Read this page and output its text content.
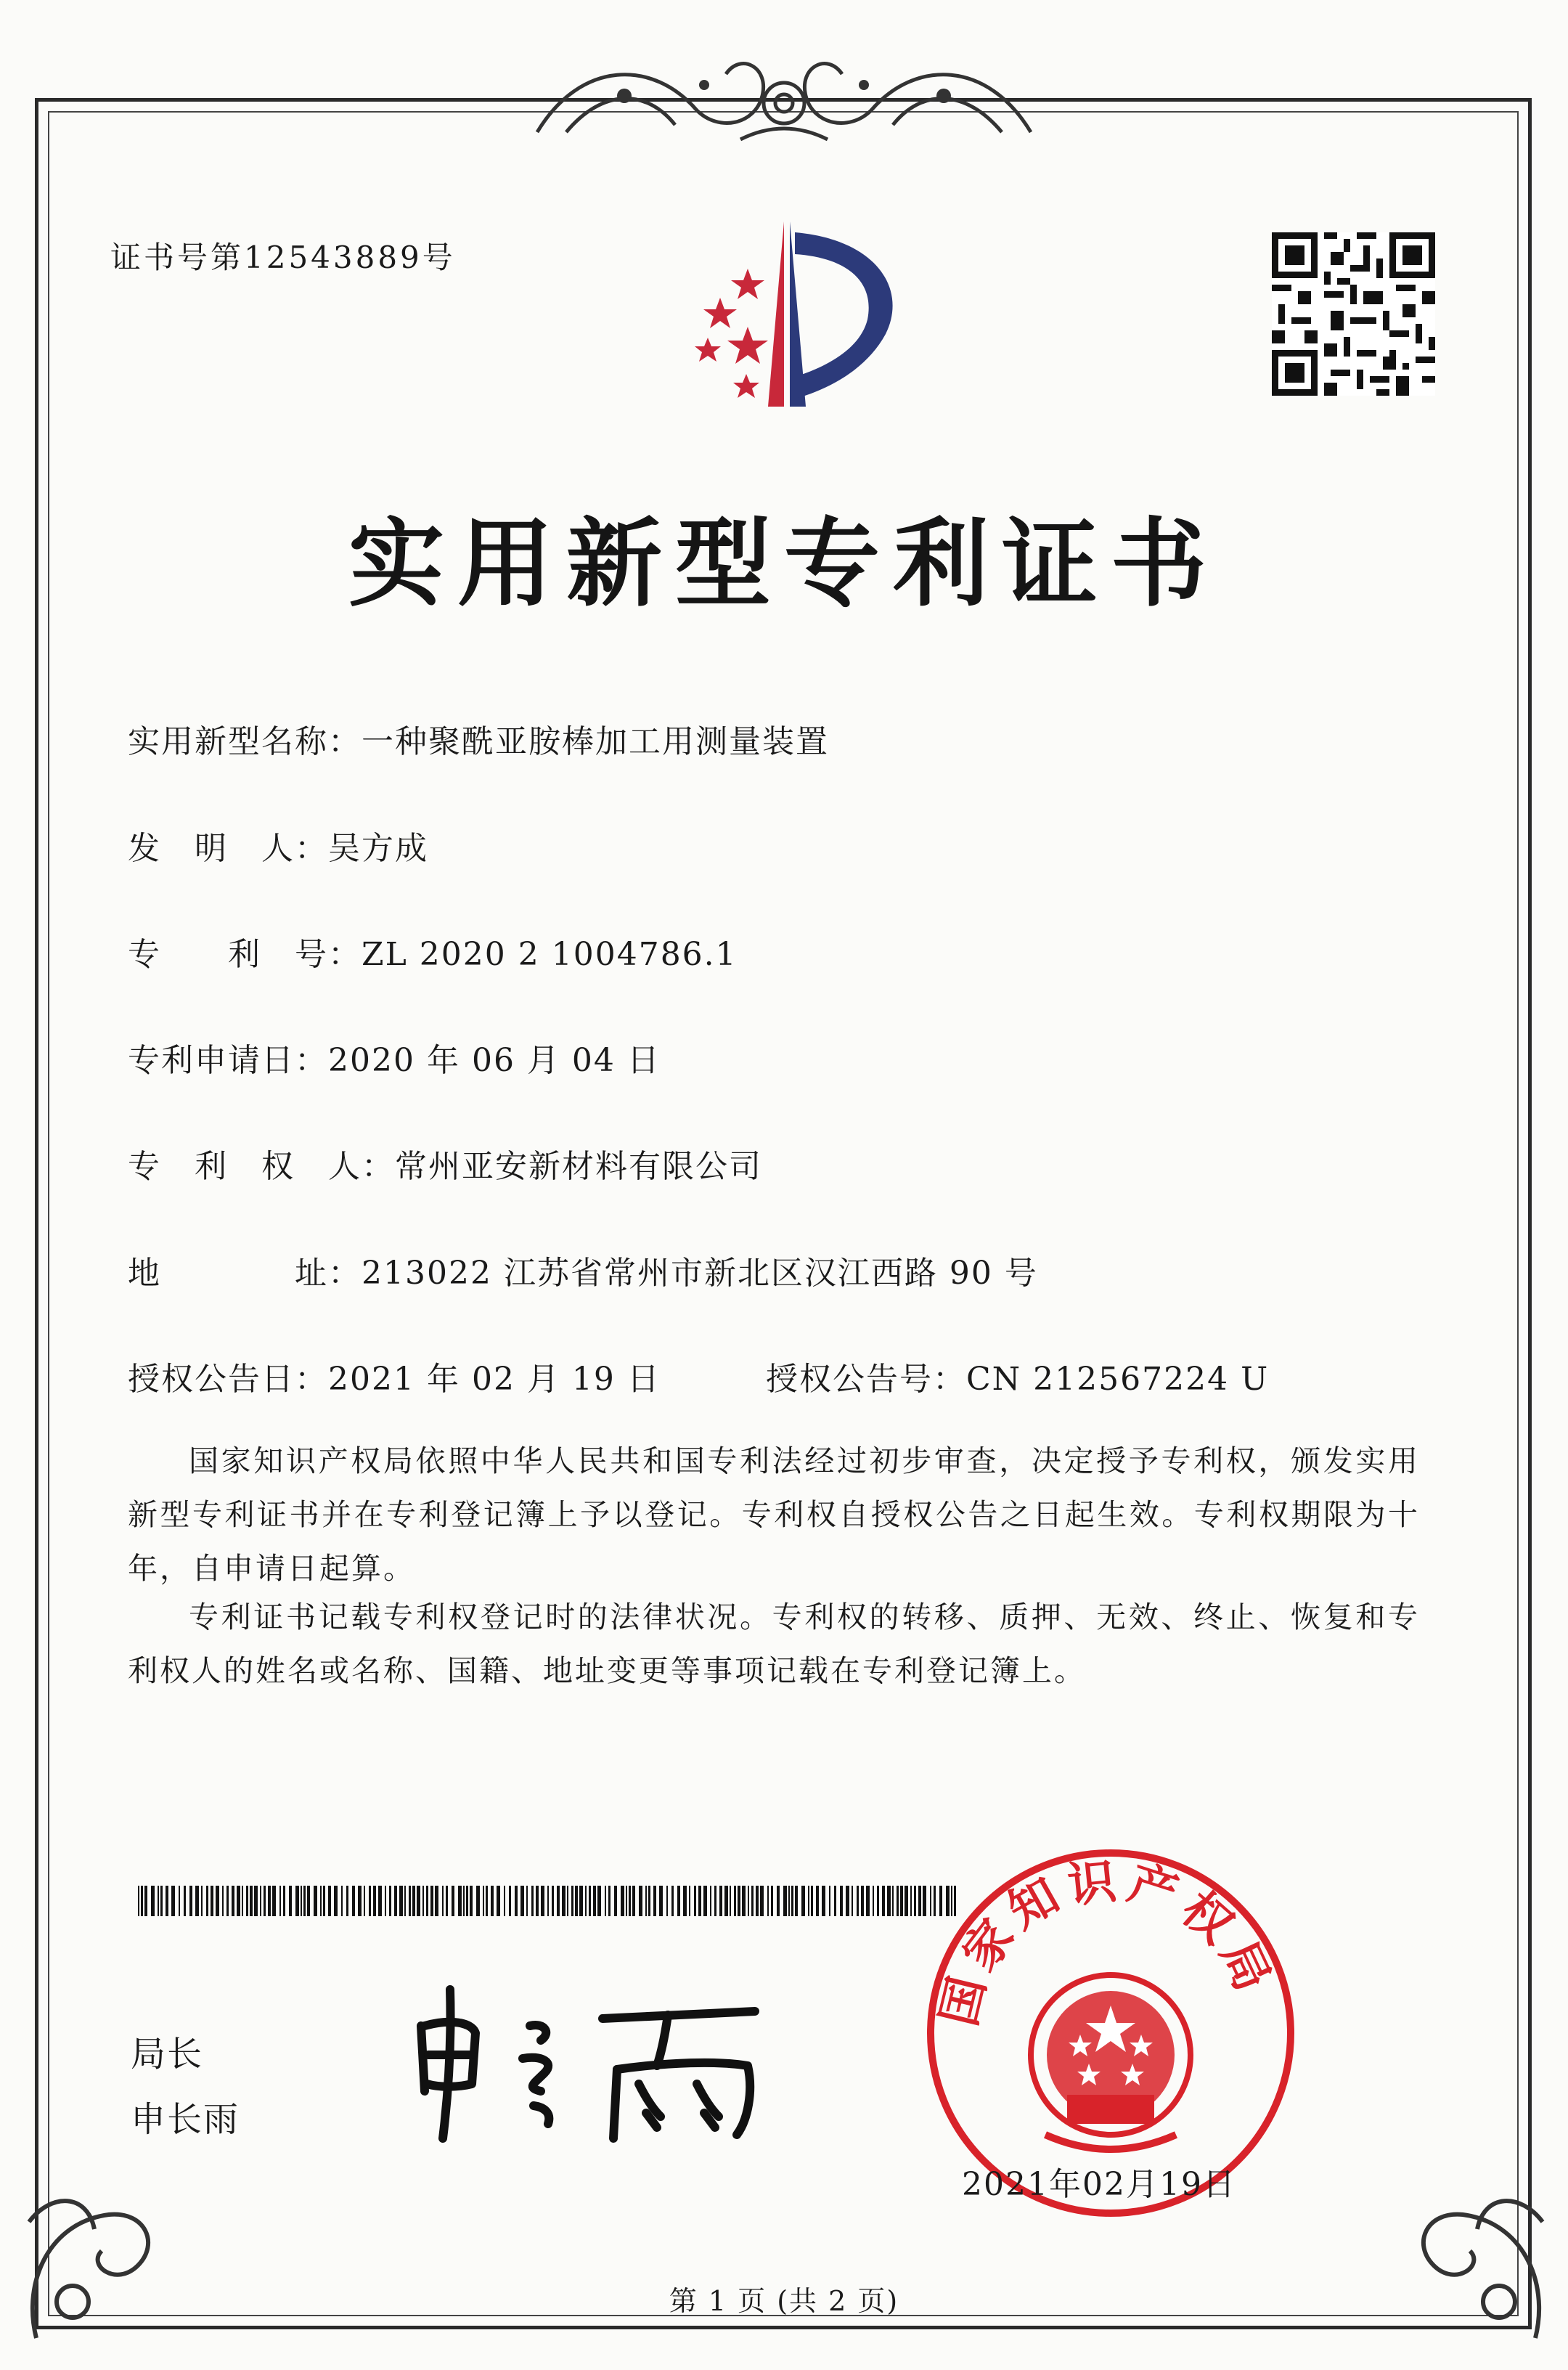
证书号第12543889号
实用新型专利证书
实用新型名称：一种聚酰亚胺棒加工用测量装置
发　明　人：吴方成
专　　利　号：ZL 2020 2 1004786.1
专利申请日：2020 年 06 月 04 日
专　利　权　人：常州亚安新材料有限公司
地　　　　址：213022 江苏省常州市新北区汉江西路 90 号
授权公告日：2021 年 02 月 19 日	授权公告号：CN 212567224 U
国家知识产权局依照中华人民共和国专利法经过初步审查，决定授予专利权，颁发实用新型专利证书并在专利登记簿上予以登记。专利权自授权公告之日起生效。专利权期限为十年，自申请日起算。
专利证书记载专利权登记时的法律状况。专利权的转移、质押、无效、终止、恢复和专利权人的姓名或名称、国籍、地址变更等事项记载在专利登记簿上。
局长
申长雨
国家知识产权局
2021年02月19日
第 1 页 (共 2 页)
